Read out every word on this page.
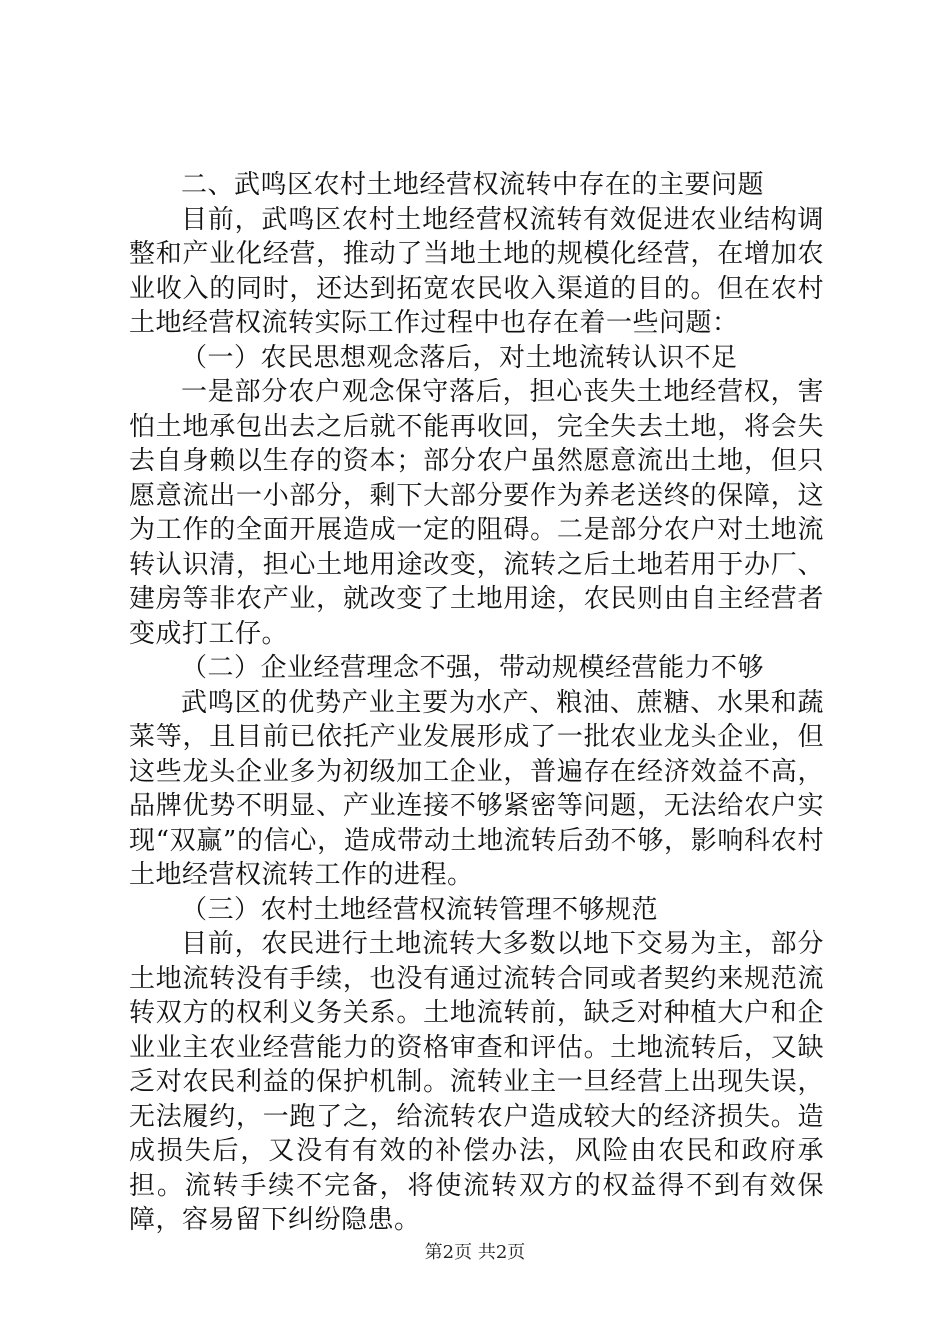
二、武鸣区农村土地经营权流转中存在的主要问题

目前，武鸣区农村土地经营权流转有效促进农业结构调整和产业化经营，推动了当地土地的规模化经营，在增加农业收入的同时，还达到拓宽农民收入渠道的目的。但在农村土地经营权流转实际工作过程中也存在着一些问题：

（一）农民思想观念落后，对土地流转认识不足

一是部分农户观念保守落后，担心丧失土地经营权，害怕土地承包出去之后就不能再收回，完全失去土地，将会失去自身赖以生存的资本；部分农户虽然愿意流出土地，但只愿意流出一小部分，剩下大部分要作为养老送终的保障，这为工作的全面开展造成一定的阻碍。二是部分农户对土地流转认识清，担心土地用途改变，流转之后土地若用于办厂、建房等非农产业，就改变了土地用途，农民则由自主经营者变成打工仔。

（二）企业经营理念不强，带动规模经营能力不够

武鸣区的优势产业主要为水产、粮油、蔗糖、水果和蔬菜等，且目前已依托产业发展形成了一批农业龙头企业，但这些龙头企业多为初级加工企业，普遍存在经济效益不高，品牌优势不明显、产业连接不够紧密等问题，无法给农户实现“双赢”的信心，造成带动土地流转后劲不够，影响科农村土地经营权流转工作的进程。

（三）农村土地经营权流转管理不够规范

目前，农民进行土地流转大多数以地下交易为主，部分土地流转没有手续，也没有通过流转合同或者契约来规范流转双方的权利义务关系。土地流转前，缺乏对种植大户和企业业主农业经营能力的资格审查和评估。土地流转后，又缺乏对农民利益的保护机制。流转业主一旦经营上出现失误，无法履约，一跑了之，给流转农户造成较大的经济损失。造成损失后，又没有有效的补偿办法，风险由农民和政府承担。流转手续不完备，将使流转双方的权益得不到有效保障，容易留下纠纷隐患。

第2页 共2页
